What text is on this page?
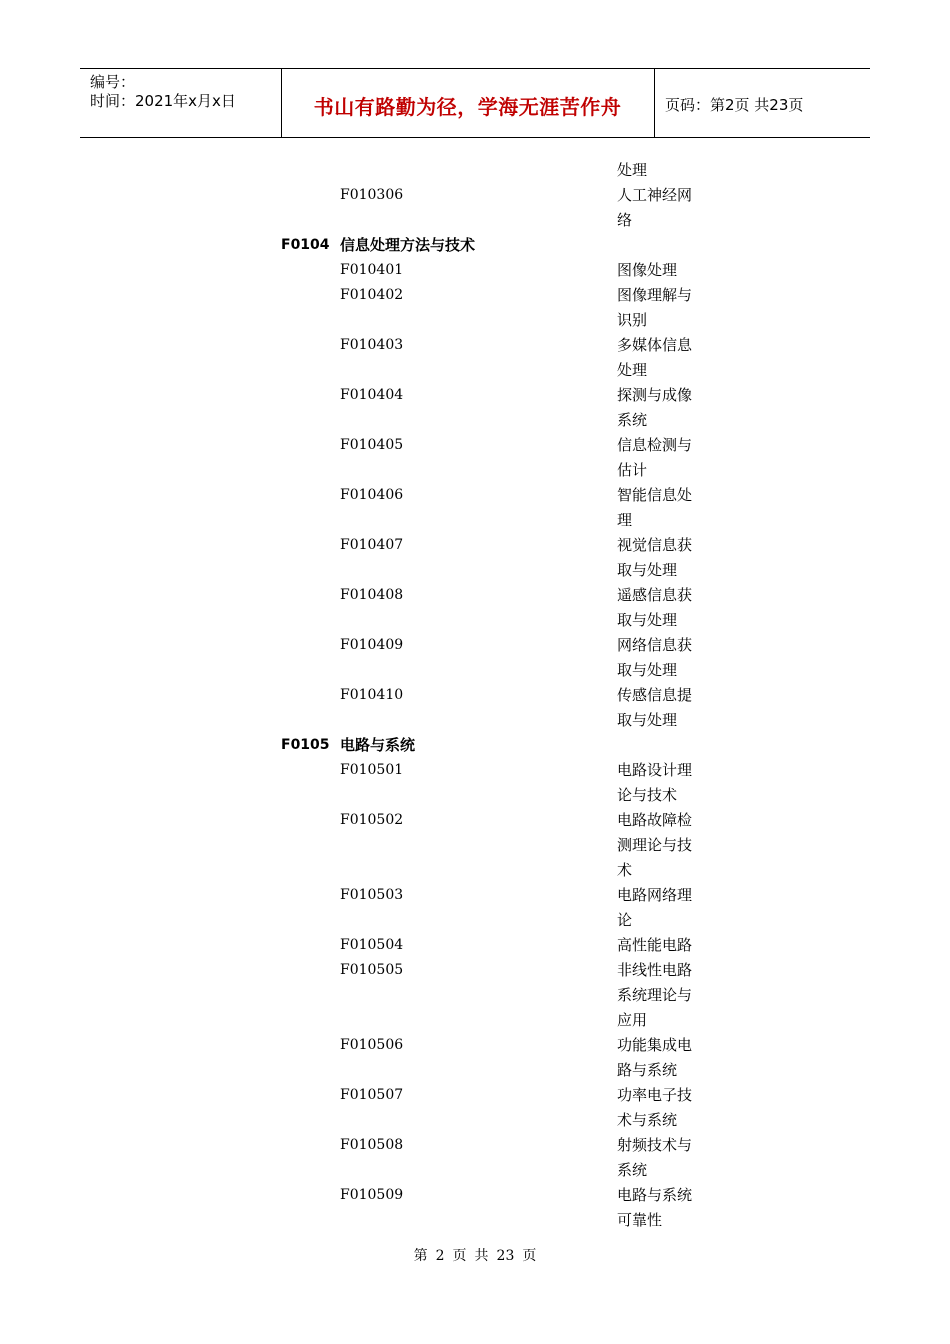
编号：
时间：2021年x月x日	书山有路勤为径，学海无涯苦作舟	页码：第2页 共23页
处理
F010306	人工神经网
络
F0104 信息处理方法与技术
F010401	图像处理
F010402	图像理解与
识别
F010403	多媒体信息
处理
F010404	探测与成像
系统
F010405	信息检测与
估计
F010406	智能信息处
理
F010407	视觉信息获
取与处理
F010408	遥感信息获
取与处理
F010409	网络信息获
取与处理
F010410	传感信息提
取与处理
F0105 电路与系统
F010501	电路设计理
论与技术
F010502	电路故障检
测理论与技
术
F010503	电路网络理
论
F010504	高性能电路
F010505	非线性电路
系统理论与
应用
F010506	功能集成电
路与系统
F010507	功率电子技
术与系统
F010508	射频技术与
系统
F010509	电路与系统
可靠性
第 2 页 共 23 页
